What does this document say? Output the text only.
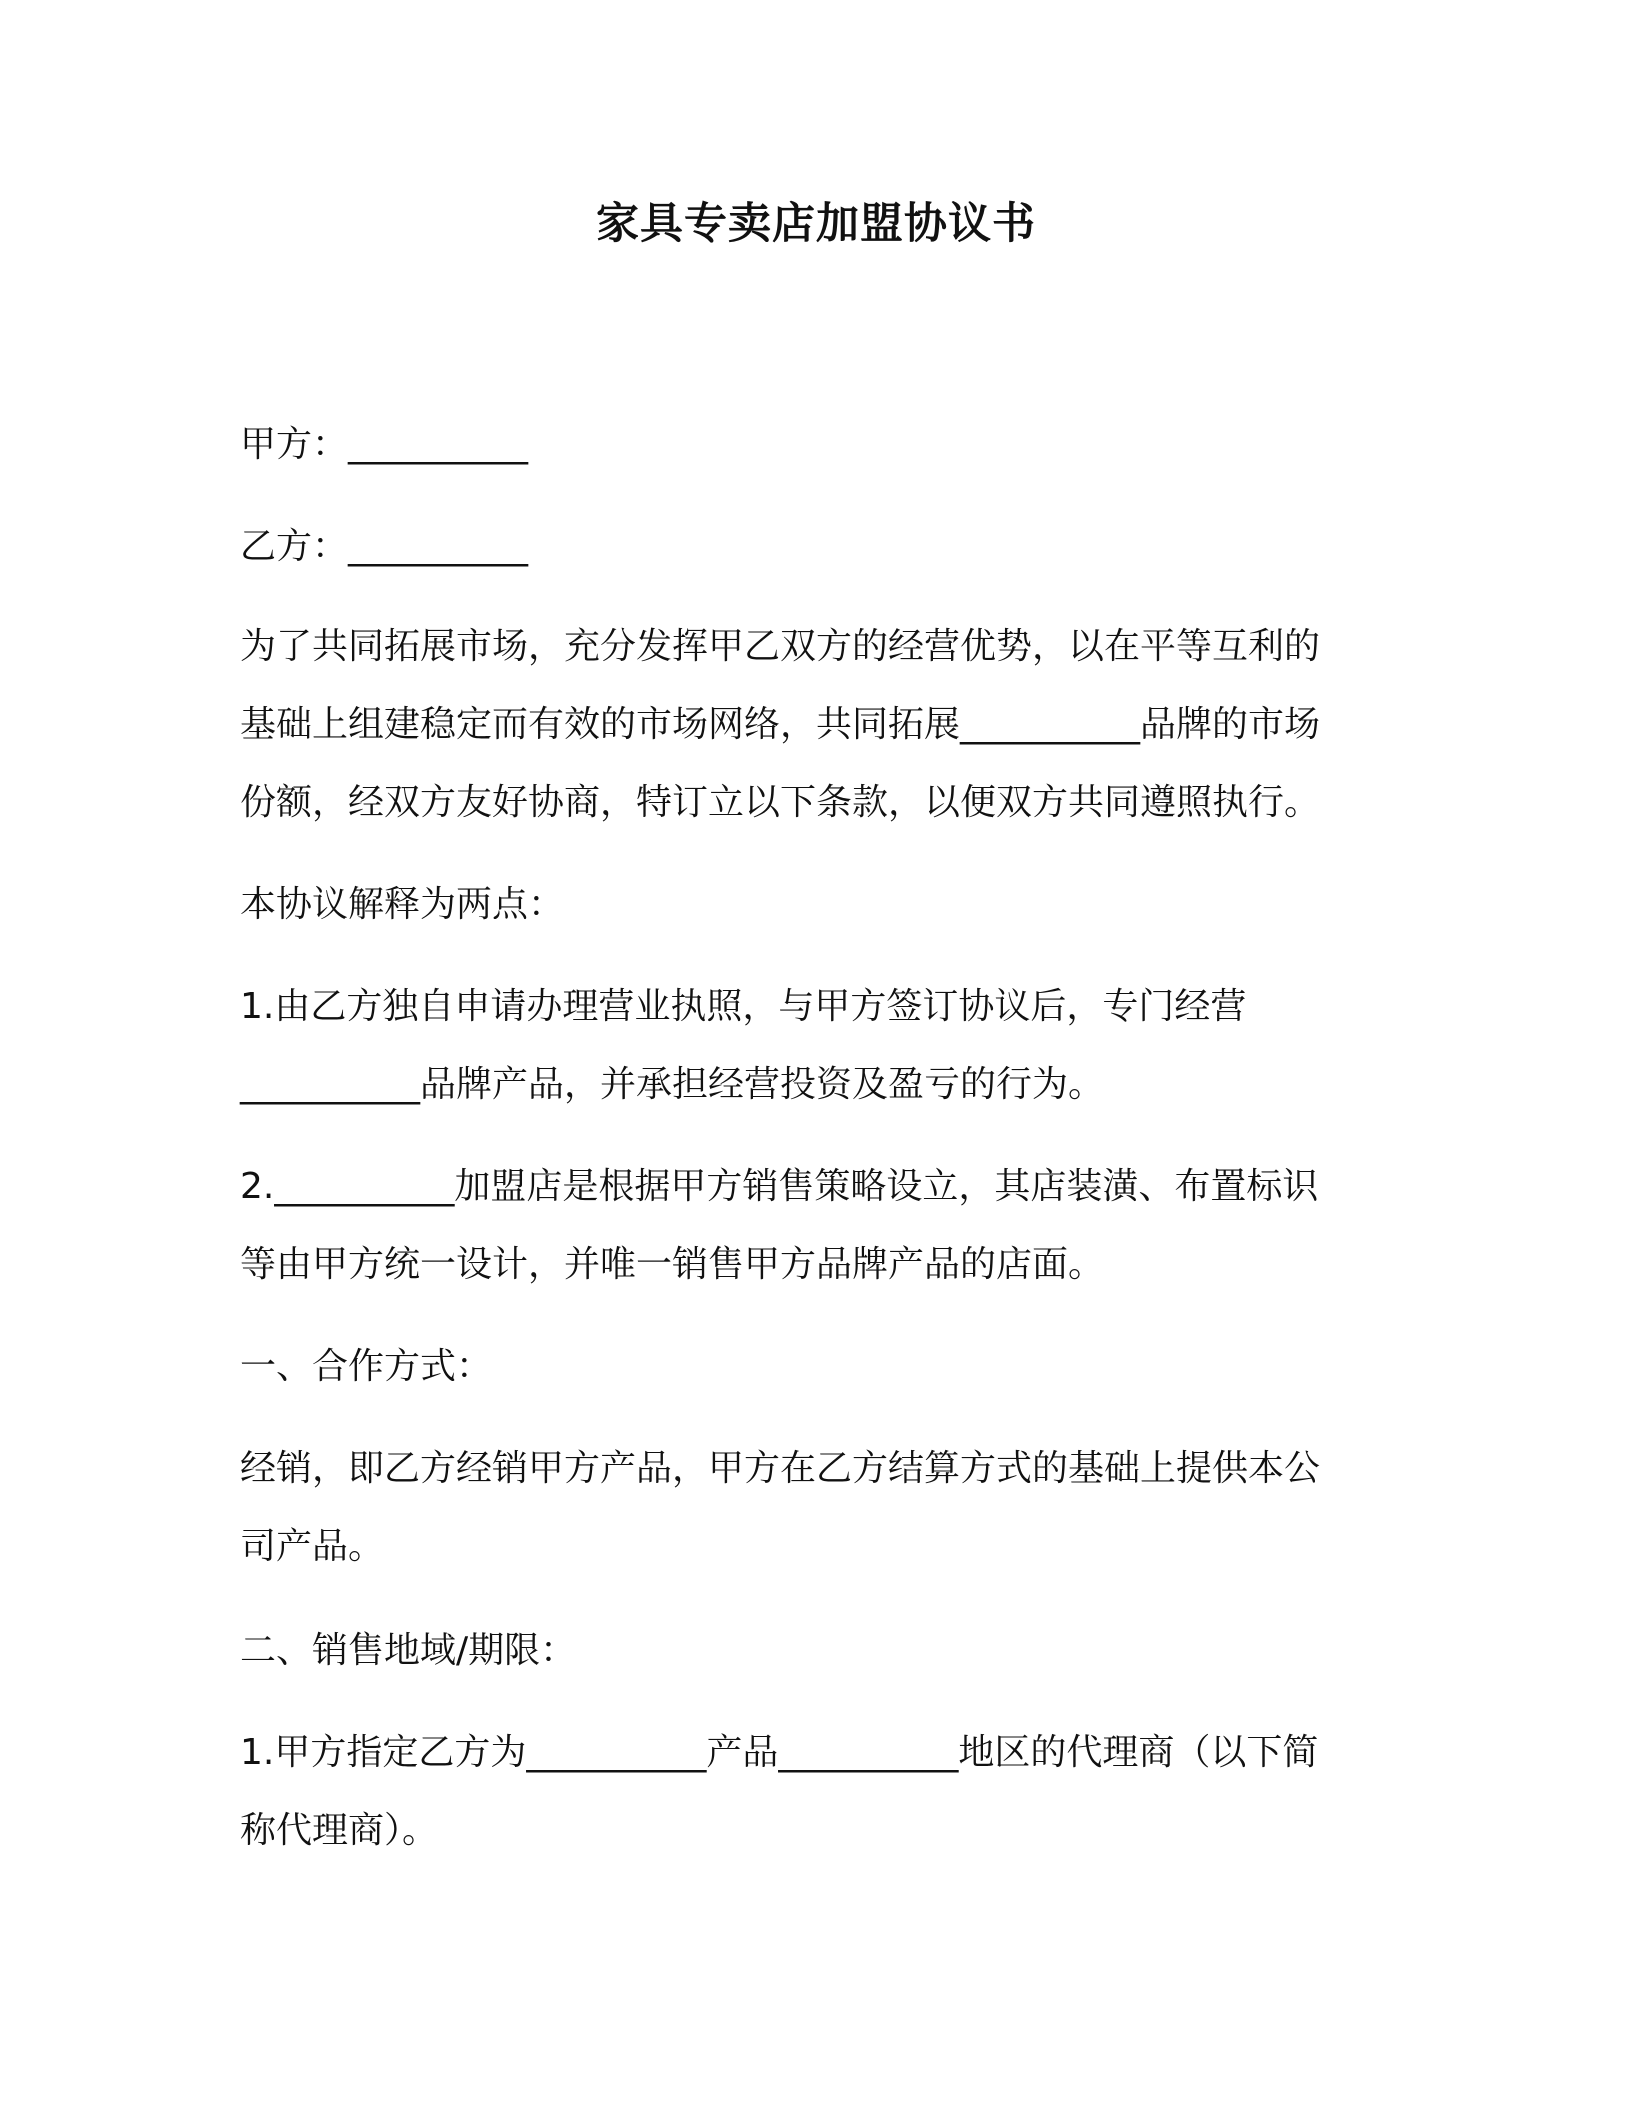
家具专卖店加盟协议书
甲方：__________
乙方：__________
为了共同拓展市场，充分发挥甲乙双方的经营优势，以在平等互利的
基础上组建稳定而有效的市场网络，共同拓展__________品牌的市场
份额，经双方友好协商，特订立以下条款，以便双方共同遵照执行。
本协议解释为两点：
1.由乙方独自申请办理营业执照，与甲方签订协议后，专门经营
__________品牌产品，并承担经营投资及盈亏的行为。
2.__________加盟店是根据甲方销售策略设立，其店装潢、布置标识
等由甲方统一设计，并唯一销售甲方品牌产品的店面。
一、合作方式：
经销，即乙方经销甲方产品，甲方在乙方结算方式的基础上提供本公
司产品。
二、销售地域/期限：
1.甲方指定乙方为__________产品__________地区的代理商（以下简
称代理商）。
